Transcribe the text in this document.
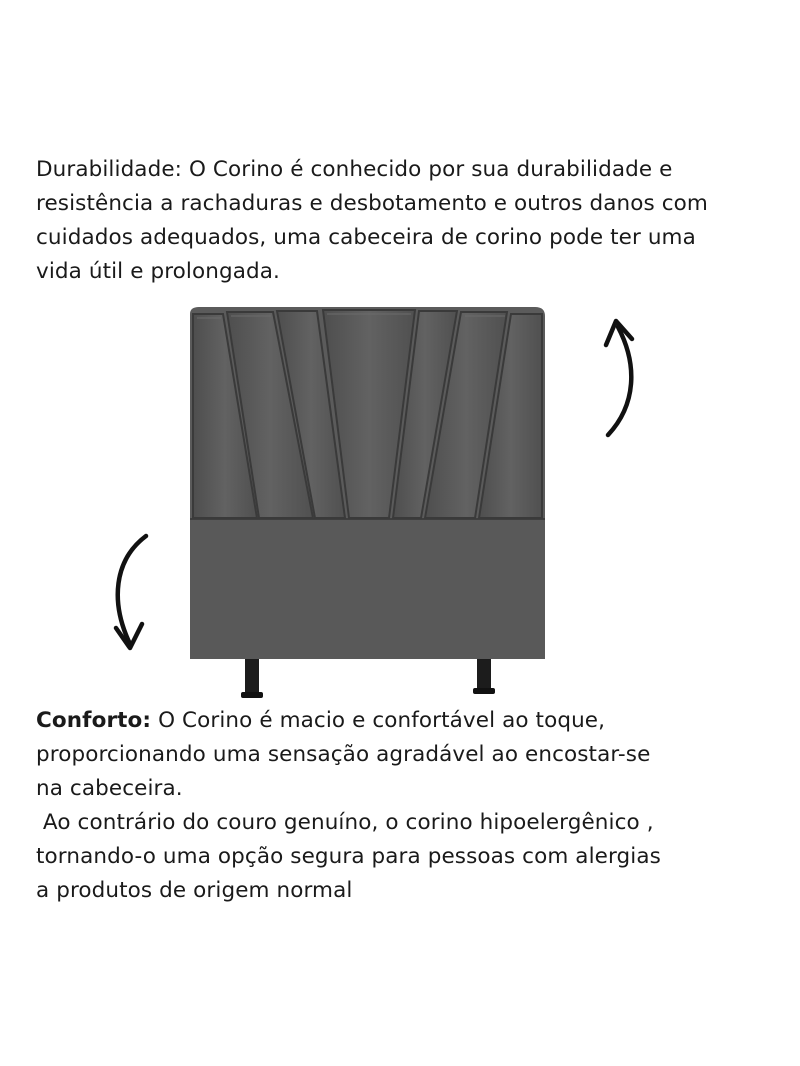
Durabilidade: O Corino é conhecido por sua durabilidade e
resistência a rachaduras e desbotamento e outros danos com
cuidados adequados, uma cabeceira de corino pode ter uma
vida útil e prolongada.
Conforto: O Corino é macio e confortável ao toque,
proporcionando uma sensação agradável ao encostar-se
na cabeceira.
Ao contrário do couro genuíno, o corino hipoelergênico ,
tornando-o uma opção segura para pessoas com alergias
a produtos de origem normal
